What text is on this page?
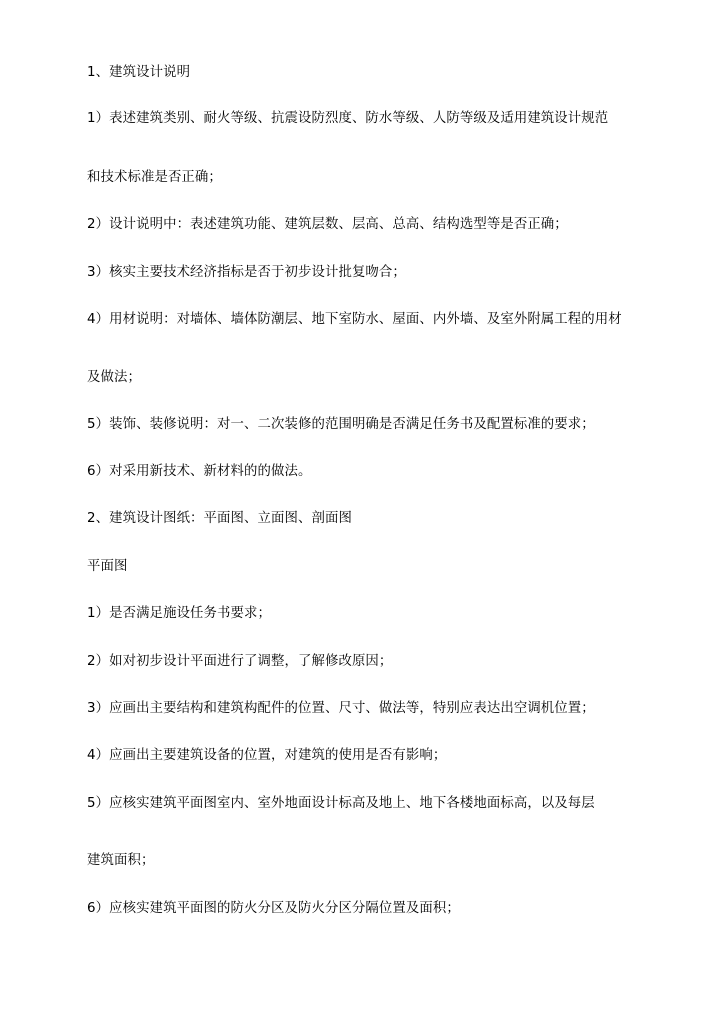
1、建筑设计说明
1）表述建筑类别、耐火等级、抗震设防烈度、防水等级、人防等级及适用建筑设计规范
和技术标准是否正确；
2）设计说明中：表述建筑功能、建筑层数、层高、总高、结构选型等是否正确；
3）核实主要技术经济指标是否于初步设计批复吻合；
4）用材说明：对墙体、墙体防潮层、地下室防水、屋面、内外墙、及室外附属工程的用材
及做法；
5）装饰、装修说明：对一、二次装修的范围明确是否满足任务书及配置标准的要求；
6）对采用新技术、新材料的的做法。
2、建筑设计图纸：平面图、立面图、剖面图
平面图
1）是否满足施设任务书要求；
2）如对初步设计平面进行了调整，了解修改原因；
3）应画出主要结构和建筑构配件的位置、尺寸、做法等，特别应表达出空调机位置；
4）应画出主要建筑设备的位置，对建筑的使用是否有影响；
5）应核实建筑平面图室内、室外地面设计标高及地上、地下各楼地面标高，以及每层
建筑面积；
6）应核实建筑平面图的防火分区及防火分区分隔位置及面积；
